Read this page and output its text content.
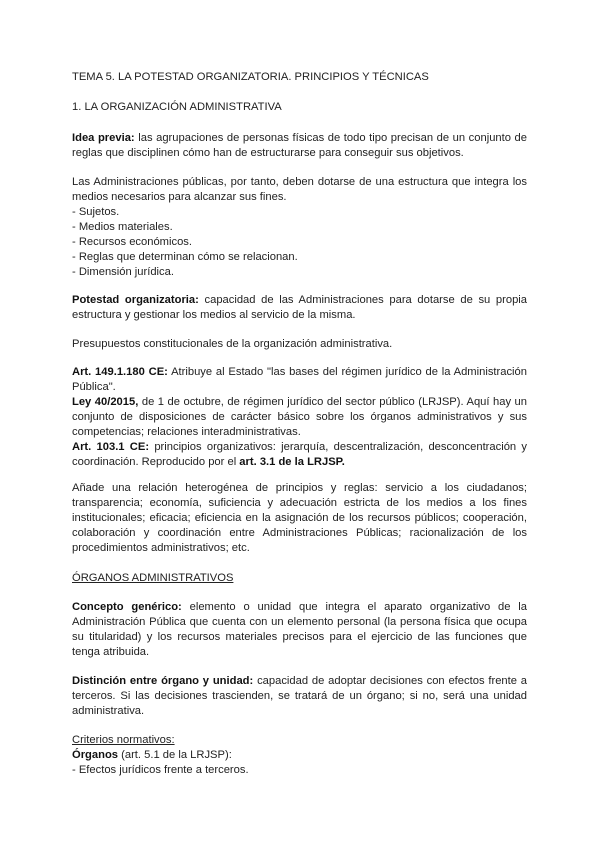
TEMA 5. LA POTESTAD ORGANIZATORIA. PRINCIPIOS Y TÉCNICAS

1. LA ORGANIZACIÓN ADMINISTRATIVA

Idea previa: las agrupaciones de personas físicas de todo tipo precisan de un conjunto de reglas que disciplinen cómo han de estructurarse para conseguir sus objetivos.

Las Administraciones públicas, por tanto, deben dotarse de una estructura que integra los medios necesarios para alcanzar sus fines.
- Sujetos.
- Medios materiales.
- Recursos económicos.
- Reglas que determinan cómo se relacionan.
- Dimensión jurídica.

Potestad organizatoria: capacidad de las Administraciones para dotarse de su propia estructura y gestionar los medios al servicio de la misma.

Presupuestos constitucionales de la organización administrativa.

Art. 149.1.180 CE: Atribuye al Estado "las bases del régimen jurídico de la Administración Pública".
Ley 40/2015, de 1 de octubre, de régimen jurídico del sector público (LRJSP). Aquí hay un conjunto de disposiciones de carácter básico sobre los órganos administrativos y sus competencias; relaciones interadministrativas.
Art. 103.1 CE: principios organizativos: jerarquía, descentralización, desconcentración y coordinación. Reproducido por el art. 3.1 de la LRJSP.

Añade una relación heterogénea de principios y reglas: servicio a los ciudadanos; transparencia; economía, suficiencia y adecuación estricta de los medios a los fines institucionales; eficacia; eficiencia en la asignación de los recursos públicos; cooperación, colaboración y coordinación entre Administraciones Públicas; racionalización de los procedimientos administrativos; etc.

ÓRGANOS ADMINISTRATIVOS

Concepto genérico: elemento o unidad que integra el aparato organizativo de la Administración Pública que cuenta con un elemento personal (la persona física que ocupa su titularidad) y los recursos materiales precisos para el ejercicio de las funciones que tenga atribuida.

Distinción entre órgano y unidad: capacidad de adoptar decisiones con efectos frente a terceros. Si las decisiones trascienden, se tratará de un órgano; si no, será una unidad administrativa.

Criterios normativos:
Órganos (art. 5.1 de la LRJSP):
- Efectos jurídicos frente a terceros.
